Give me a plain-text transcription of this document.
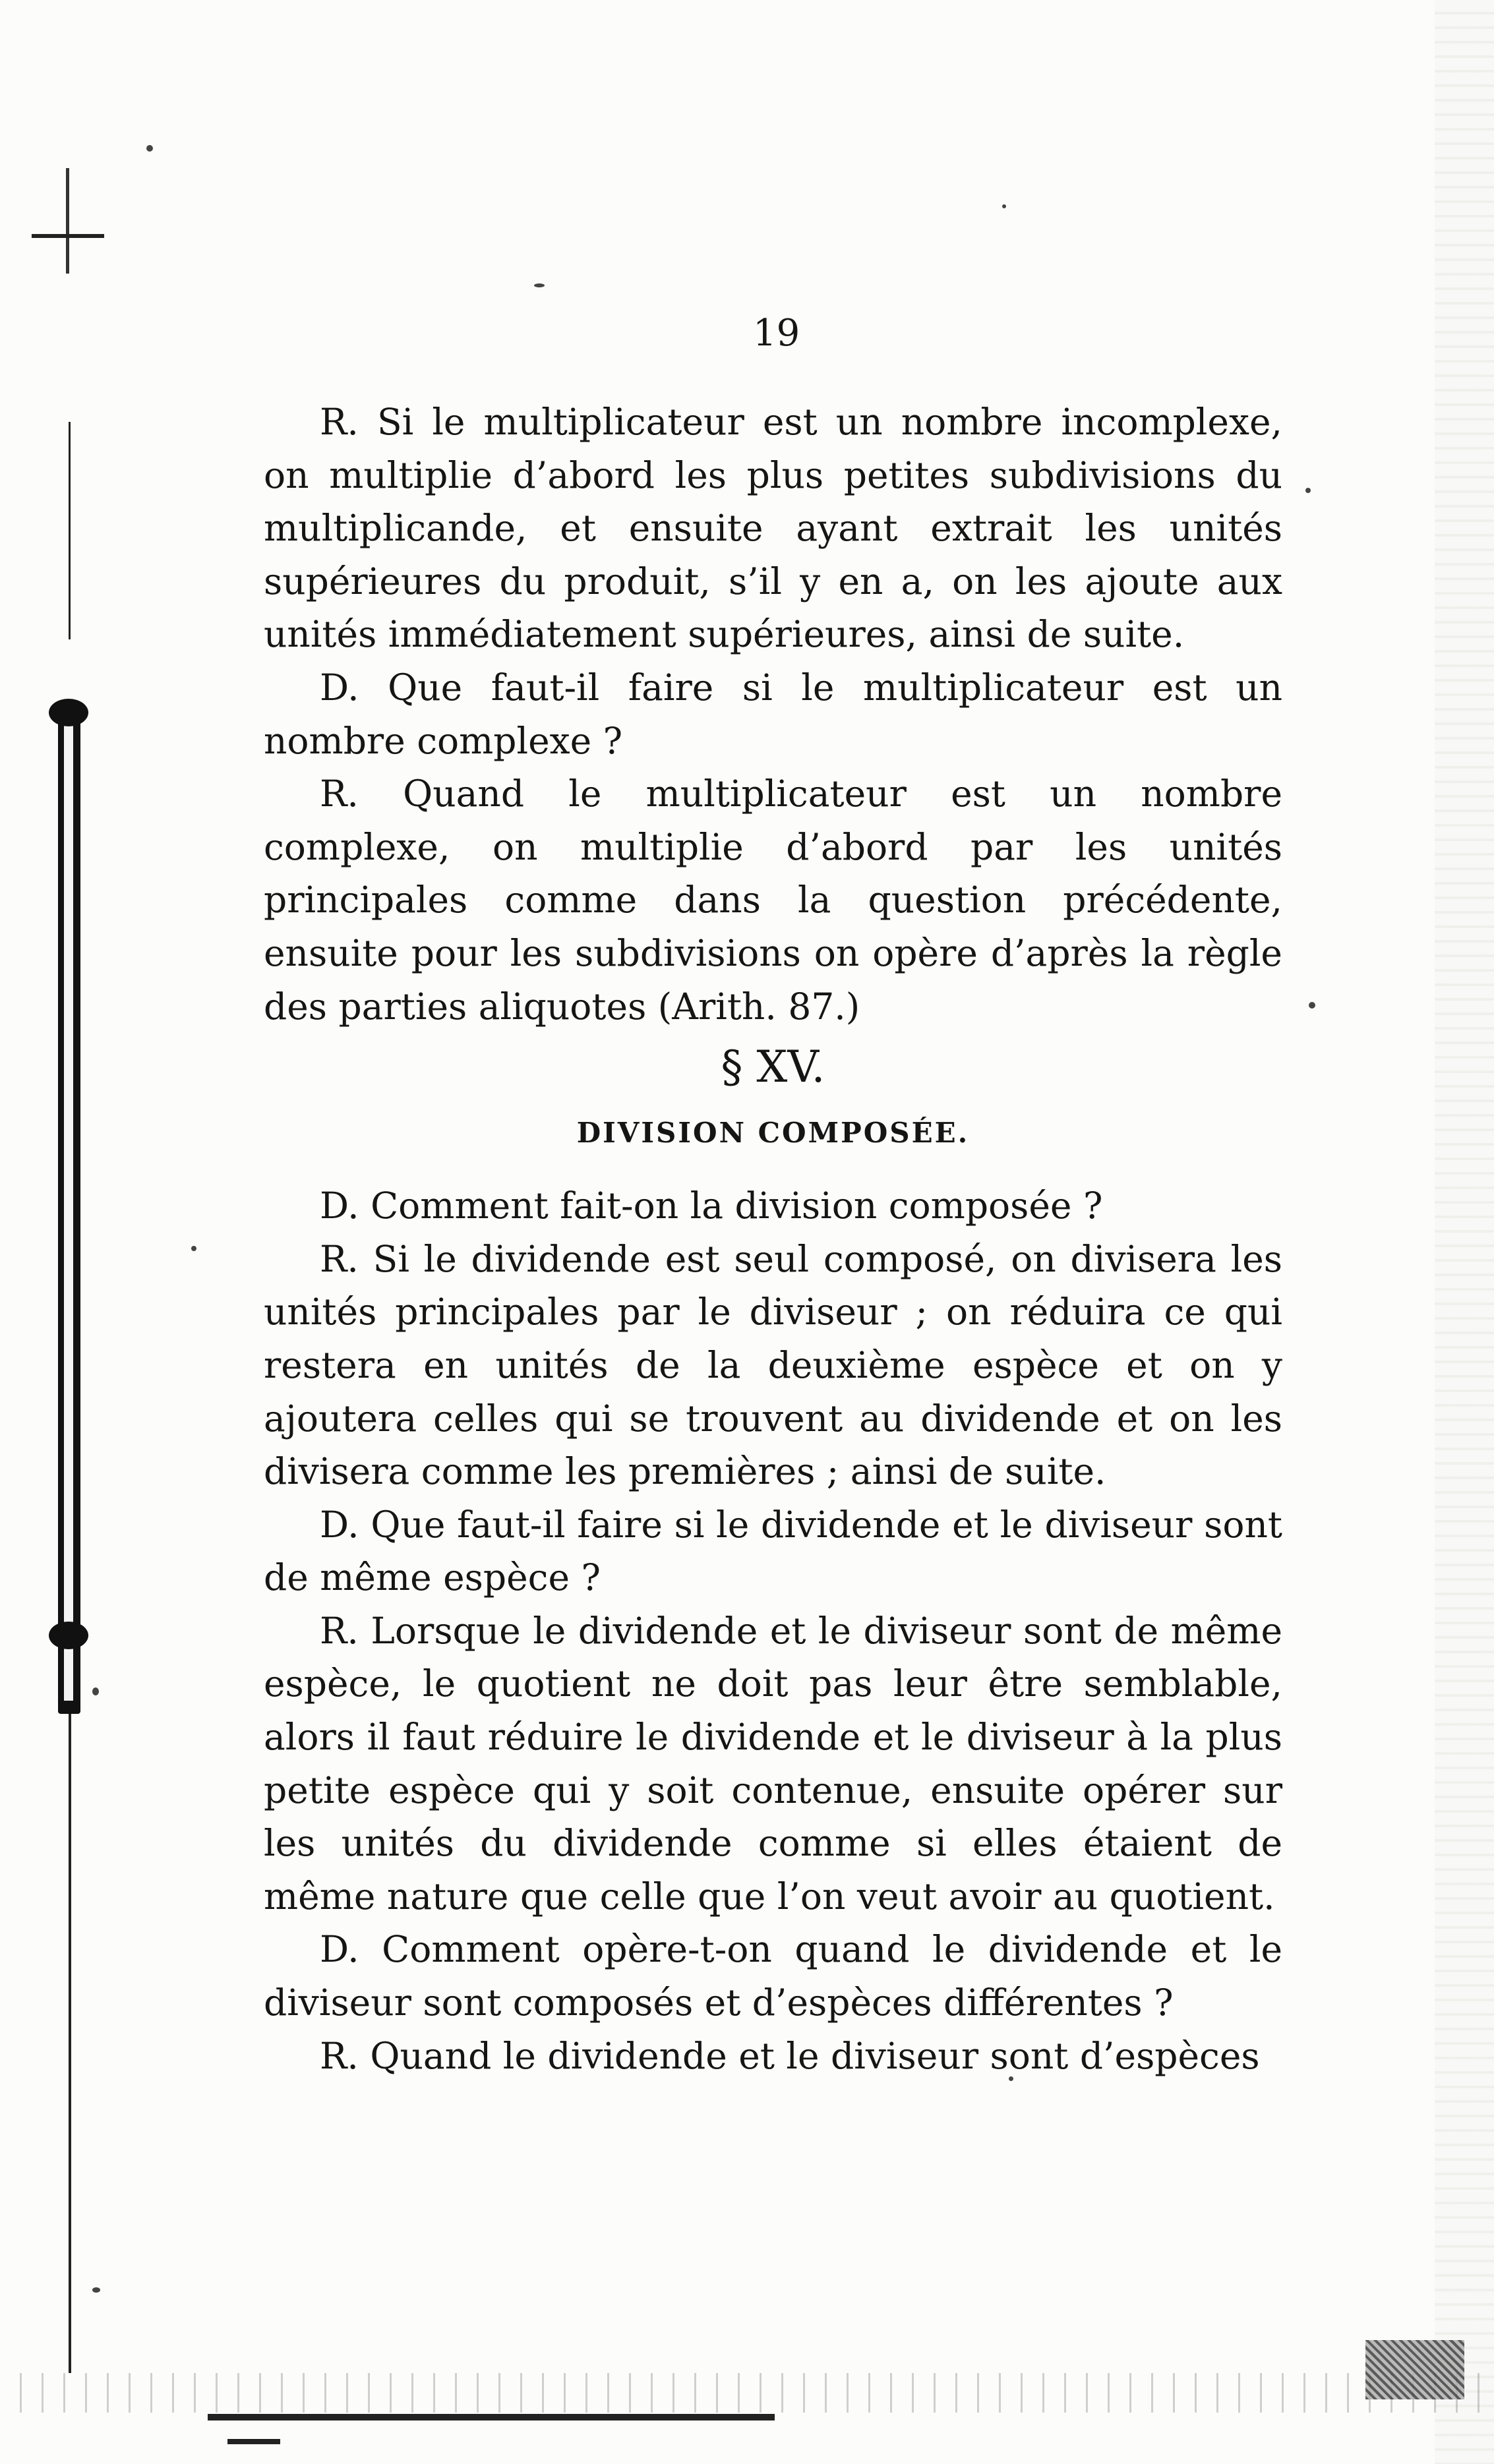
19

R. Si le multiplicateur est un nombre incomplexe, on multiplie d’abord les plus petites subdivisions du multiplicande, et ensuite ayant extrait les unités supérieures du produit, s’il y en a, on les ajoute aux unités immédiatement supérieures, ainsi de suite.

D. Que faut-il faire si le multiplicateur est un nombre complexe ?

R. Quand le multiplicateur est un nombre complexe, on multiplie d’abord par les unités principales comme dans la question précédente, ensuite pour les subdivisions on opère d’après la règle des parties aliquotes (Arith. 87.)

§ XV.
DIVISION COMPOSÉE.

D. Comment fait-on la division composée ?

R. Si le dividende est seul composé, on divisera les unités principales par le diviseur ; on réduira ce qui restera en unités de la deuxième espèce et on y ajoutera celles qui se trouvent au dividende et on les divisera comme les premières ; ainsi de suite.

D. Que faut-il faire si le dividende et le diviseur sont de même espèce ?

R. Lorsque le dividende et le diviseur sont de même espèce, le quotient ne doit pas leur être semblable, alors il faut réduire le dividende et le diviseur à la plus petite espèce qui y soit contenue, ensuite opérer sur les unités du dividende comme si elles étaient de même nature que celle que l’on veut avoir au quotient.

D. Comment opère-t-on quand le dividende et le diviseur sont composés et d’espèces différentes ?

R. Quand le dividende et le diviseur sont d’espèces
